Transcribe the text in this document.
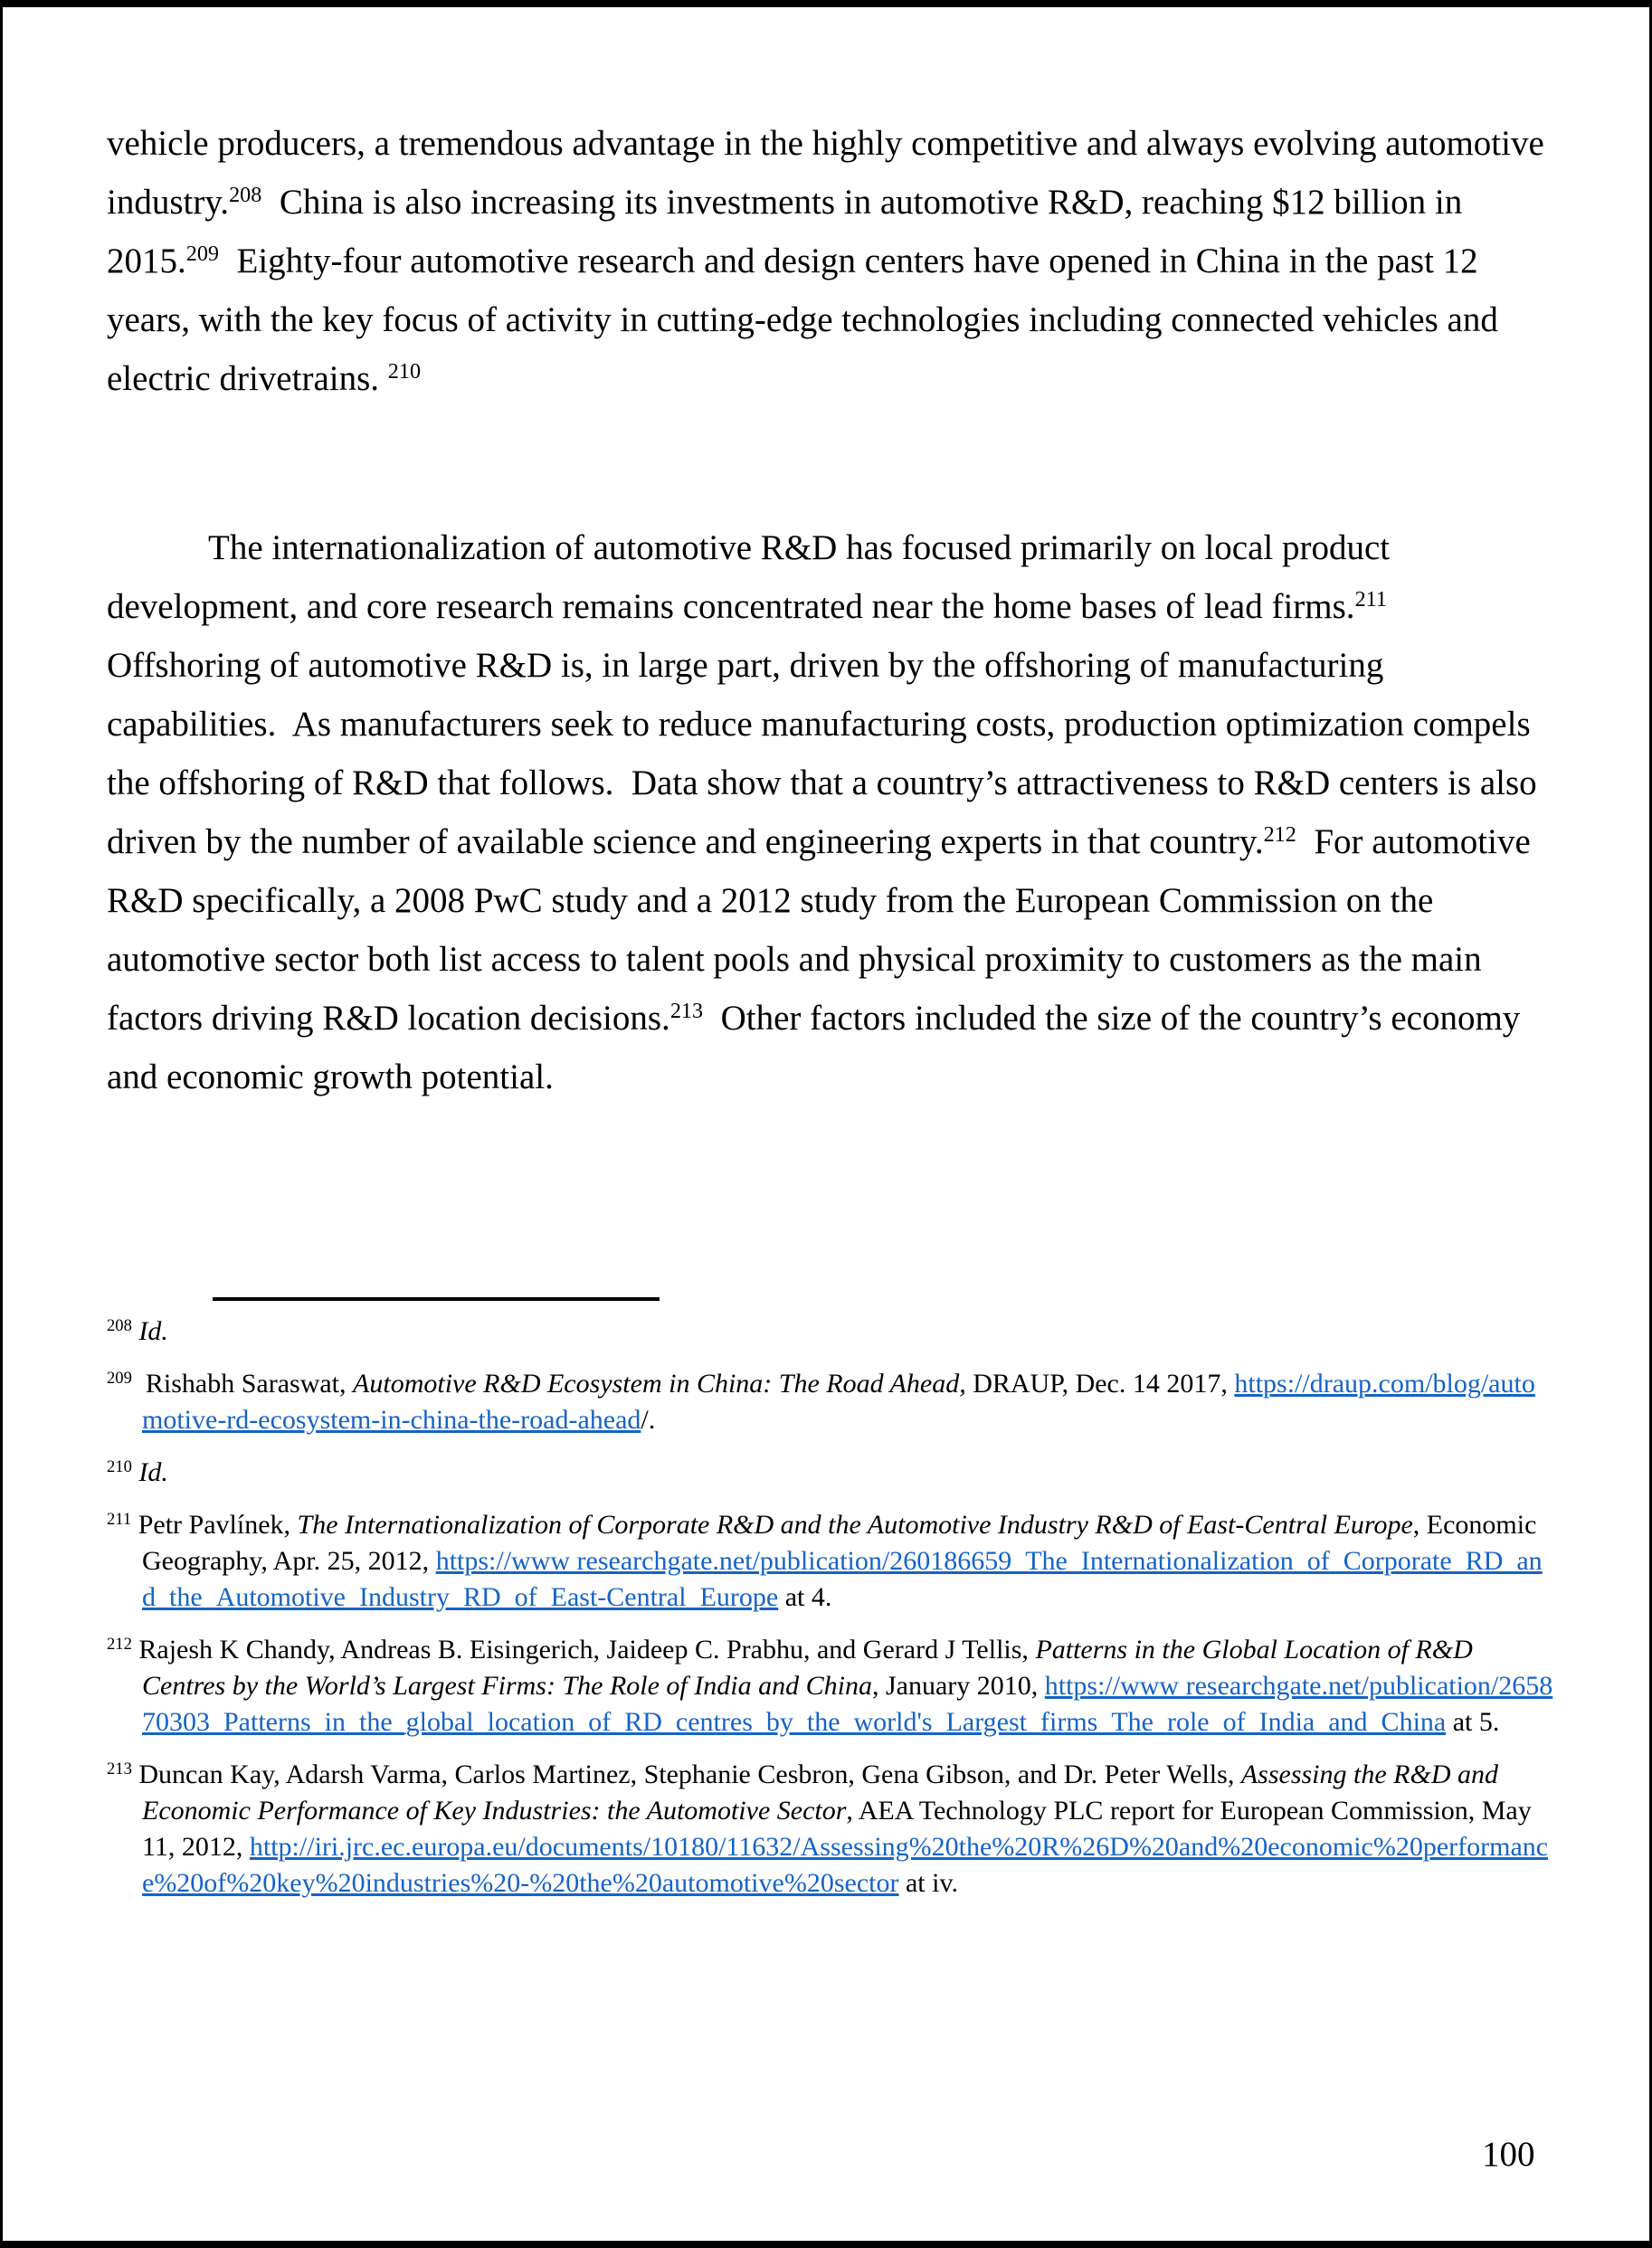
vehicle producers, a tremendous advantage in the highly competitive and always evolving automotive industry.$^{208}$  China is also increasing its investments in automotive R&D, reaching $12 billion in 2015.$^{209}$  Eighty-four automotive research and design centers have opened in China in the past 12 years, with the key focus of activity in cutting-edge technologies including connected vehicles and electric drivetrains. $^{210}$

The internationalization of automotive R&D has focused primarily on local product development, and core research remains concentrated near the home bases of lead firms.$^{211}$  Offshoring of automotive R&D is, in large part, driven by the offshoring of manufacturing capabilities.  As manufacturers seek to reduce manufacturing costs, production optimization compels the offshoring of R&D that follows.  Data show that a country’s attractiveness to R&D centers is also driven by the number of available science and engineering experts in that country.$^{212}$  For automotive R&D specifically, a 2008 PwC study and a 2012 study from the European Commission on the automotive sector both list access to talent pools and physical proximity to customers as the main factors driving R&D location decisions.$^{213}$  Other factors included the size of the country’s economy and economic growth potential.

$^{208}$ Id.
$^{209}$  Rishabh Saraswat, Automotive R&D Ecosystem in China: The Road Ahead, DRAUP, Dec. 14 2017, https://draup.com/blog/automotive-rd-ecosystem-in-china-the-road-ahead/.
$^{210}$ Id.
$^{211}$ Petr Pavlínek, The Internationalization of Corporate R&D and the Automotive Industry R&D of East-Central Europe, Economic Geography, Apr. 25, 2012, https://www researchgate.net/publication/260186659_The_Internationalization_of_Corporate_RD_and_the_Automotive_Industry_RD_of_East-Central_Europe at 4.
$^{212}$ Rajesh K Chandy, Andreas B. Eisingerich, Jaideep C. Prabhu, and Gerard J Tellis, Patterns in the Global Location of R&D Centres by the World’s Largest Firms: The Role of India and China, January 2010, https://www researchgate.net/publication/265870303_Patterns_in_the_global_location_of_RD_centres_by_the_world's_Largest_firms_The_role_of_India_and_China at 5.
$^{213}$ Duncan Kay, Adarsh Varma, Carlos Martinez, Stephanie Cesbron, Gena Gibson, and Dr. Peter Wells, Assessing the R&D and Economic Performance of Key Industries: the Automotive Sector, AEA Technology PLC report for European Commission, May 11, 2012, http://iri.jrc.ec.europa.eu/documents/10180/11632/Assessing%20the%20R%26D%20and%20economic%20performance%20of%20key%20industries%20-%20the%20automotive%20sector at iv.
100
